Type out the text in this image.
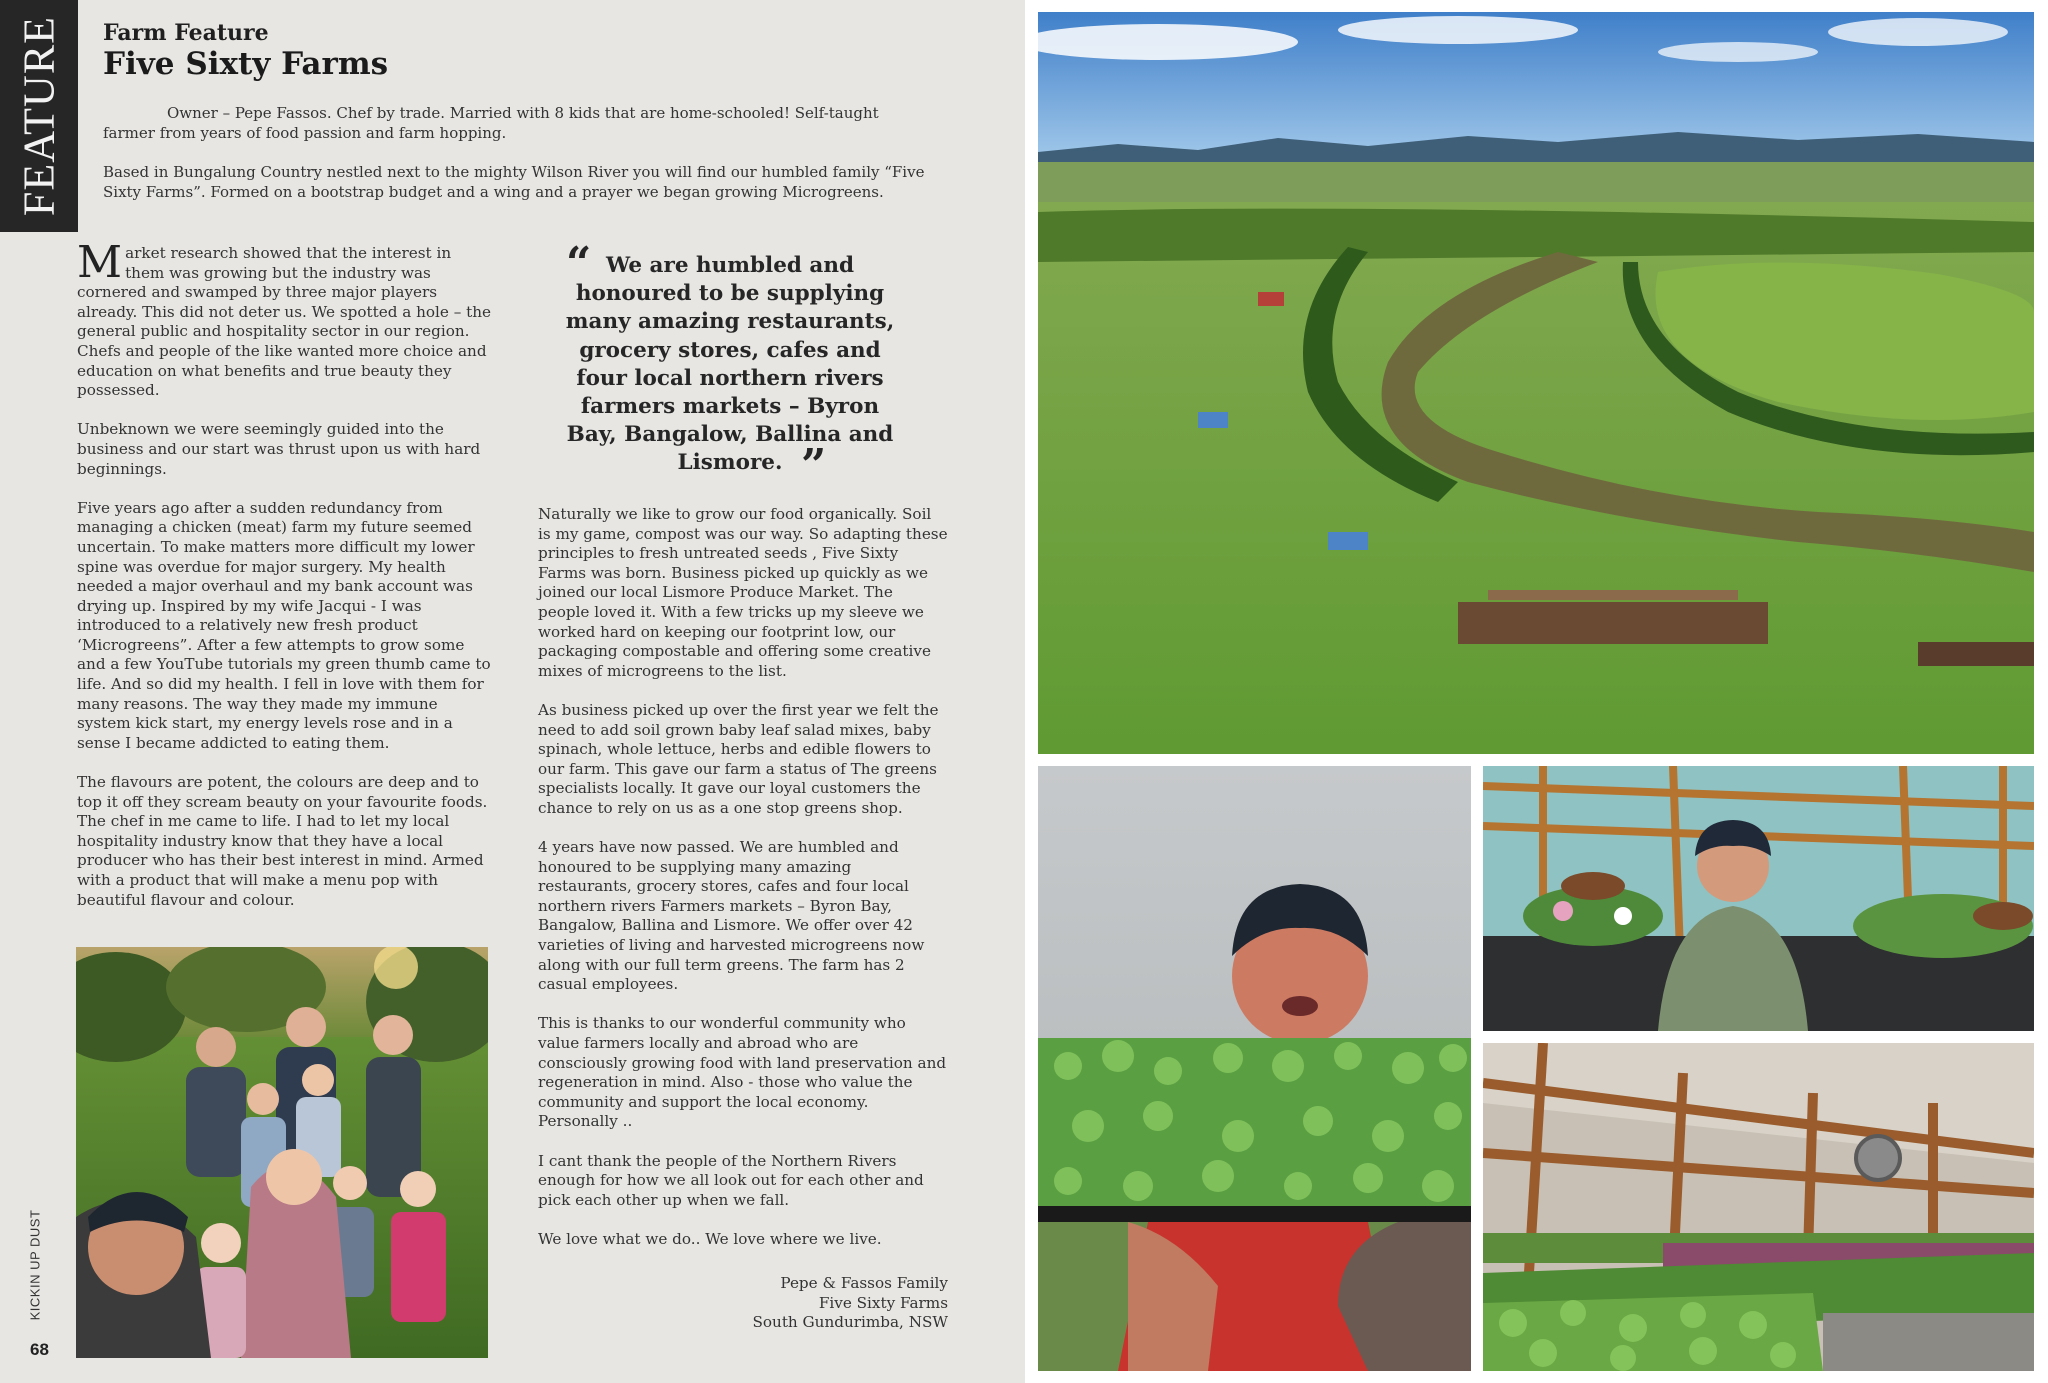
FEATURE Farm Feature
Five Sixty Farms

Owner – Pepe Fassos. Chef by trade. Married with 8 kids that are home-schooled! Self-taught farmer from years of food passion and farm hopping.

Based in Bungalung Country nestled next to the mighty Wilson River you will find our humbled family “Five Sixty Farms”. Formed on a bootstrap budget and a wing and a prayer we began growing Microgreens.

Market research showed that the interest in them was growing but the industry was cornered and swamped by three major players already. This did not deter us. We spotted a hole – the general public and hospitality sector in our region. Chefs and people of the like wanted more choice and education on what benefits and true beauty they possessed.

Unbeknown we were seemingly guided into the business and our start was thrust upon us with hard beginnings.

Five years ago after a sudden redundancy from managing a chicken (meat) farm my future seemed uncertain. To make matters more difficult my lower spine was overdue for major surgery. My health needed a major overhaul and my bank account was drying up. Inspired by my wife Jacqui - I was introduced to a relatively new fresh product ‘Microgreens”. After a few attempts to grow some and a few YouTube tutorials my green thumb came to life. And so did my health. I fell in love with them for many reasons. The way they made my immune system kick start, my energy levels rose and in a sense I became addicted to eating them.

The flavours are potent, the colours are deep and to top it off they scream beauty on your favourite foods. The chef in me came to life. I had to let my local hospitality industry know that they have a local producer who has their best interest in mind. Armed with a product that will make a menu pop with beautiful flavour and colour.

“ We are humbled and honoured to be supplying many amazing restaurants, grocery stores, cafes and four local northern rivers farmers markets – Byron Bay, Bangalow, Ballina and Lismore. ”

Naturally we like to grow our food organically. Soil is my game, compost was our way. So adapting these principles to fresh untreated seeds , Five Sixty Farms was born. Business picked up quickly as we joined our local Lismore Produce Market. The people loved it. With a few tricks up my sleeve we worked hard on keeping our footprint low, our packaging compostable and offering some creative mixes of microgreens to the list.

As business picked up over the first year we felt the need to add soil grown baby leaf salad mixes, baby spinach, whole lettuce, herbs and edible flowers to our farm. This gave our farm a status of The greens specialists locally. It gave our loyal customers the chance to rely on us as a one stop greens shop.

4 years have now passed. We are humbled and honoured to be supplying many amazing restaurants, grocery stores, cafes and four local northern rivers Farmers markets – Byron Bay, Bangalow, Ballina and Lismore. We offer over 42 varieties of living and harvested microgreens now along with our full term greens. The farm has 2 casual employees.

This is thanks to our wonderful community who value farmers locally and abroad who are consciously growing food with land preservation and regeneration in mind. Also - those who value the community and support the local economy. Personally ..

I cant thank the people of the Northern Rivers enough for how we all look out for each other and pick each other up when we fall.

We love what we do.. We love where we live.

Pepe & Fassos Family
Five Sixty Farms
South Gundurimba, NSW
KICKIN UP DUST
68
